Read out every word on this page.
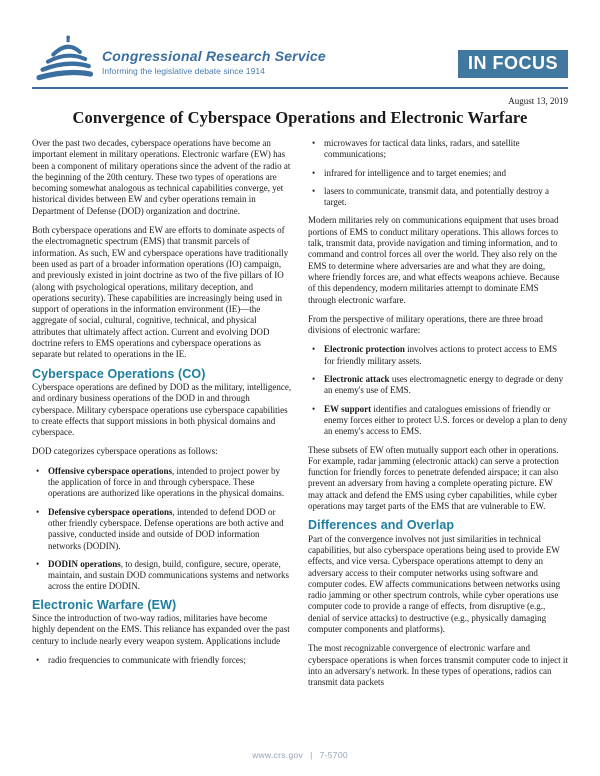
Congressional Research Service
Informing the legislative debate since 1914	IN FOCUS
August 13, 2019
Convergence of Cyberspace Operations and Electronic Warfare

Over the past two decades, cyberspace operations have become an important element in military operations. Electronic warfare (EW) has been a component of military operations since the advent of the radio at the beginning of the 20th century. These two types of operations are becoming somewhat analogous as technical capabilities converge, yet historical divides between EW and cyber operations remain in Department of Defense (DOD) organization and doctrine.

Both cyberspace operations and EW are efforts to dominate aspects of the electromagnetic spectrum (EMS) that transmit parcels of information. As such, EW and cyberspace operations have traditionally been used as part of a broader information operations (IO) campaign, and previously existed in joint doctrine as two of the five pillars of IO (along with psychological operations, military deception, and operations security). These capabilities are increasingly being used in support of operations in the information environment (IE)—the aggregate of social, cultural, cognitive, technical, and physical attributes that ultimately affect action. Current and evolving DOD doctrine refers to EMS operations and cyberspace operations as separate but related to operations in the IE.

Cyberspace Operations (CO)

Cyberspace operations are defined by DOD as the military, intelligence, and ordinary business operations of the DOD in and through cyberspace. Military cyberspace operations use cyberspace capabilities to create effects that support missions in both physical domains and cyberspace.

DOD categorizes cyberspace operations as follows:

• Offensive cyberspace operations, intended to project power by the application of force in and through cyberspace. These operations are authorized like operations in the physical domains.
• Defensive cyberspace operations, intended to defend DOD or other friendly cyberspace. Defense operations are both active and passive, conducted inside and outside of DOD information networks (DODIN).
• DODIN operations, to design, build, configure, secure, operate, maintain, and sustain DOD communications systems and networks across the entire DODIN.
Electronic Warfare (EW)

Since the introduction of two-way radios, militaries have become highly dependent on the EMS. This reliance has expanded over the past century to include nearly every weapon system. Applications include

• radio frequencies to communicate with friendly forces;
• microwaves for tactical data links, radars, and satellite communications;
• infrared for intelligence and to target enemies; and
• lasers to communicate, transmit data, and potentially destroy a target.

Modern militaries rely on communications equipment that uses broad portions of EMS to conduct military operations. This allows forces to talk, transmit data, provide navigation and timing information, and to command and control forces all over the world. They also rely on the EMS to determine where adversaries are and what they are doing, where friendly forces are, and what effects weapons achieve. Because of this dependency, modern militaries attempt to dominate EMS through electronic warfare.

From the perspective of military operations, there are three broad divisions of electronic warfare:

• Electronic protection involves actions to protect access to EMS for friendly military assets.
• Electronic attack uses electromagnetic energy to degrade or deny an enemy's use of EMS.
• EW support identifies and catalogues emissions of friendly or enemy forces either to protect U.S. forces or develop a plan to deny an enemy's access to EMS.

These subsets of EW often mutually support each other in operations. For example, radar jamming (electronic attack) can serve a protection function for friendly forces to penetrate defended airspace; it can also prevent an adversary from having a complete operating picture. EW may attack and defend the EMS using cyber capabilities, while cyber operations may target parts of the EMS that are vulnerable to EW.

Differences and Overlap

Part of the convergence involves not just similarities in technical capabilities, but also cyberspace operations being used to provide EW effects, and vice versa. Cyberspace operations attempt to deny an adversary access to their computer networks using software and computer codes. EW affects communications between networks using radio jamming or other spectrum controls, while cyber operations use computer code to provide a range of effects, from disruptive (e.g., denial of service attacks) to destructive (e.g., physically damaging computer components and platforms).

The most recognizable convergence of electronic warfare and cyberspace operations is when forces transmit computer code to inject it into an adversary's network. In these types of operations, radios can transmit data packets

www.crs.gov | 7-5700
